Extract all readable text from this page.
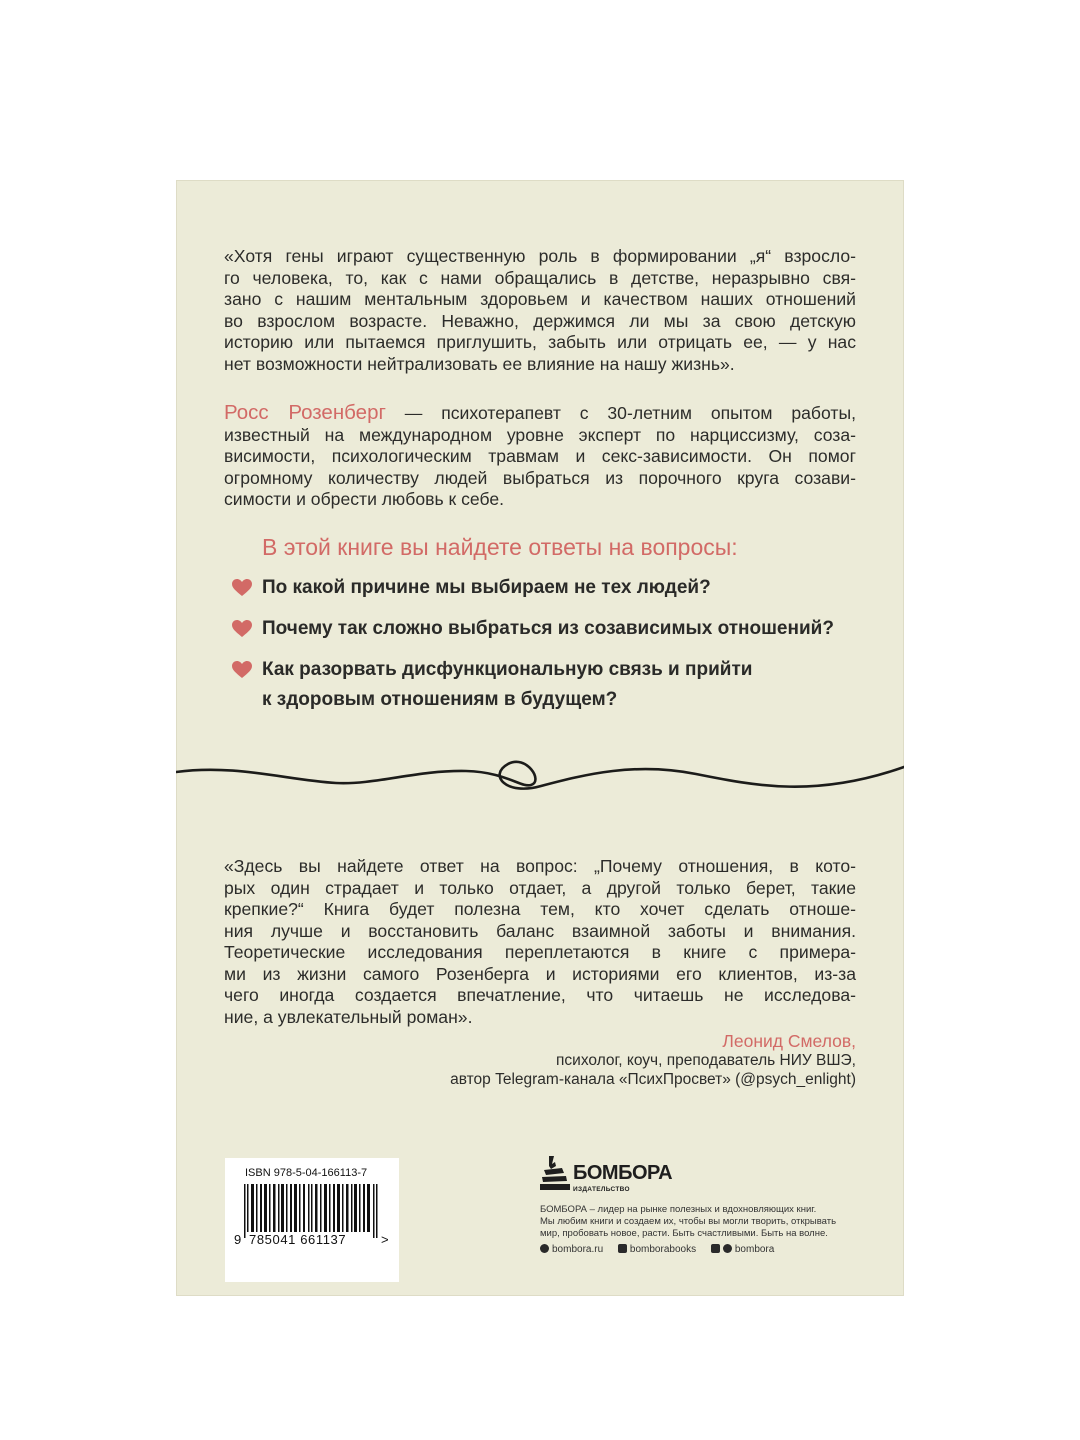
«Хотя гены играют существенную роль в формировании „я“ взросло-
го человека, то, как с нами обращались в детстве, неразрывно свя-
зано с нашим ментальным здоровьем и качеством наших отношений
во взрослом возрасте. Неважно, держимся ли мы за свою детскую
историю или пытаемся приглушить, забыть или отрицать ее, — у нас
нет возможности нейтрализовать ее влияние на нашу жизнь».

Росс Розенберг — психотерапевт с 30-летним опытом работы,
известный на международном уровне эксперт по нарциссизму, соза-
висимости, психологическим травмам и секс-зависимости. Он помог
огромному количеству людей выбраться из порочного круга созави-
симости и обрести любовь к себе.

В этой книге вы найдете ответы на вопросы:
По какой причине мы выбираем не тех людей?
Почему так сложно выбраться из созависимых отношений?
Как разорвать дисфункциональную связь и прийти
к здоровым отношениям в будущем?

«Здесь вы найдете ответ на вопрос: „Почему отношения, в кото-
рых один страдает и только отдает, а другой только берет, такие
крепкие?“ Книга будет полезна тем, кто хочет сделать отноше-
ния лучше и восстановить баланс взаимной заботы и внимания.
Теоретические исследования переплетаются в книге с примера-
ми из жизни самого Розенберга и историями его клиентов, из-за
чего иногда создается впечатление, что читаешь не исследова-
ние, а увлекательный роман».

Леонид Смелов,
психолог, коуч, преподаватель НИУ ВШЭ,
автор Telegram-канала «ПсихПросвет» (@psych_enlight)
ISBN 978-5-04-166113-7
9 785041 661137	>
БОМБОРА
ИЗДАТЕЛЬСТВО
БОМБОРА – лидер на рынке полезных и вдохновляющих книг.
Мы любим книги и создаем их, чтобы вы могли творить, открывать
мир, пробовать новое, расти. Быть счастливыми. Быть на волне.
bombora.ru	bomborabooks	bombora
